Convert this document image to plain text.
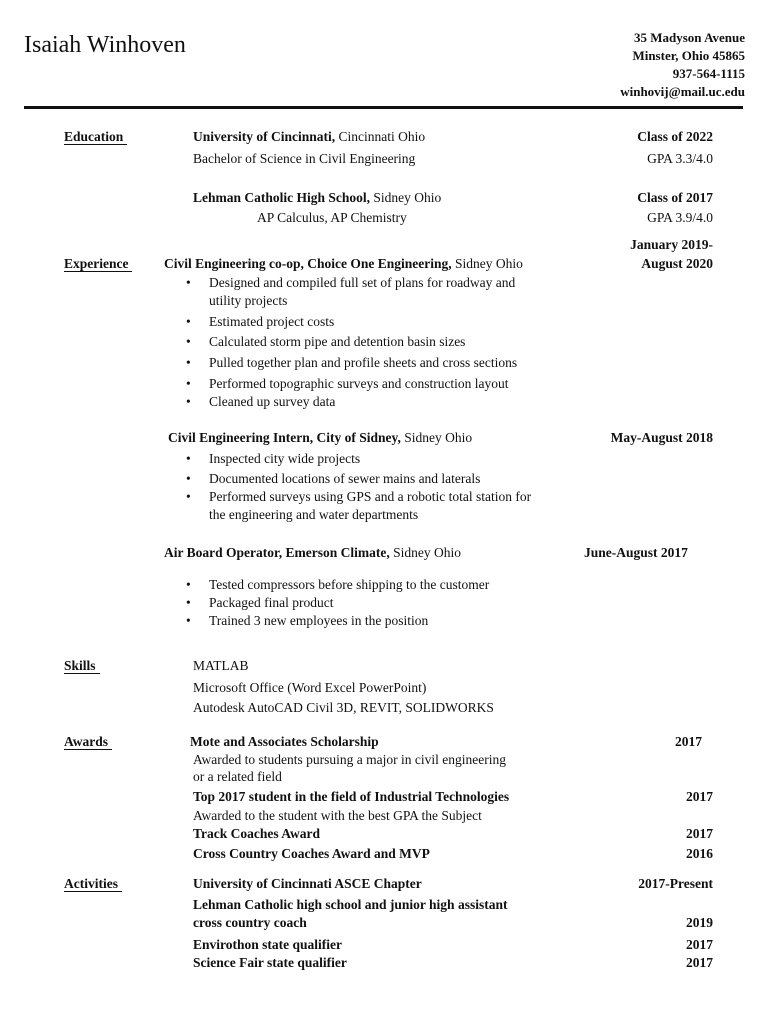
Isaiah Winhoven	35 Madyson Avenue
Minster, Ohio 45865
937-564-1115
winhovij@mail.uc.edu
Education	University of Cincinnati, Cincinnati Ohio	Class of 2022
Bachelor of Science in Civil Engineering	GPA 3.3/4.0
Lehman Catholic High School, Sidney Ohio	Class of 2017
AP Calculus, AP Chemistry	GPA 3.9/4.0
January 2019-
Experience	Civil Engineering co-op, Choice One Engineering, Sidney Ohio	August 2020
• Designed and compiled full set of plans for roadway and
utility projects
• Estimated project costs
• Calculated storm pipe and detention basin sizes
• Pulled together plan and profile sheets and cross sections
• Performed topographic surveys and construction layout
• Cleaned up survey data
Civil Engineering Intern, City of Sidney, Sidney Ohio	May-August 2018
• Inspected city wide projects
• Documented locations of sewer mains and laterals
• Performed surveys using GPS and a robotic total station for
the engineering and water departments
Air Board Operator, Emerson Climate, Sidney Ohio	June-August 2017
• Tested compressors before shipping to the customer
• Packaged final product
• Trained 3 new employees in the position
Skills	MATLAB
Microsoft Office (Word Excel PowerPoint)
Autodesk AutoCAD Civil 3D, REVIT, SOLIDWORKS
Awards	Mote and Associates Scholarship	2017
Awarded to students pursuing a major in civil engineering
or a related field
Top 2017 student in the field of Industrial Technologies	2017
Awarded to the student with the best GPA the Subject
Track Coaches Award	2017
Cross Country Coaches Award and MVP	2016
Activities	University of Cincinnati ASCE Chapter	2017-Present
Lehman Catholic high school and junior high assistant
cross country coach	2019
Envirothon state qualifier	2017
Science Fair state qualifier	2017
